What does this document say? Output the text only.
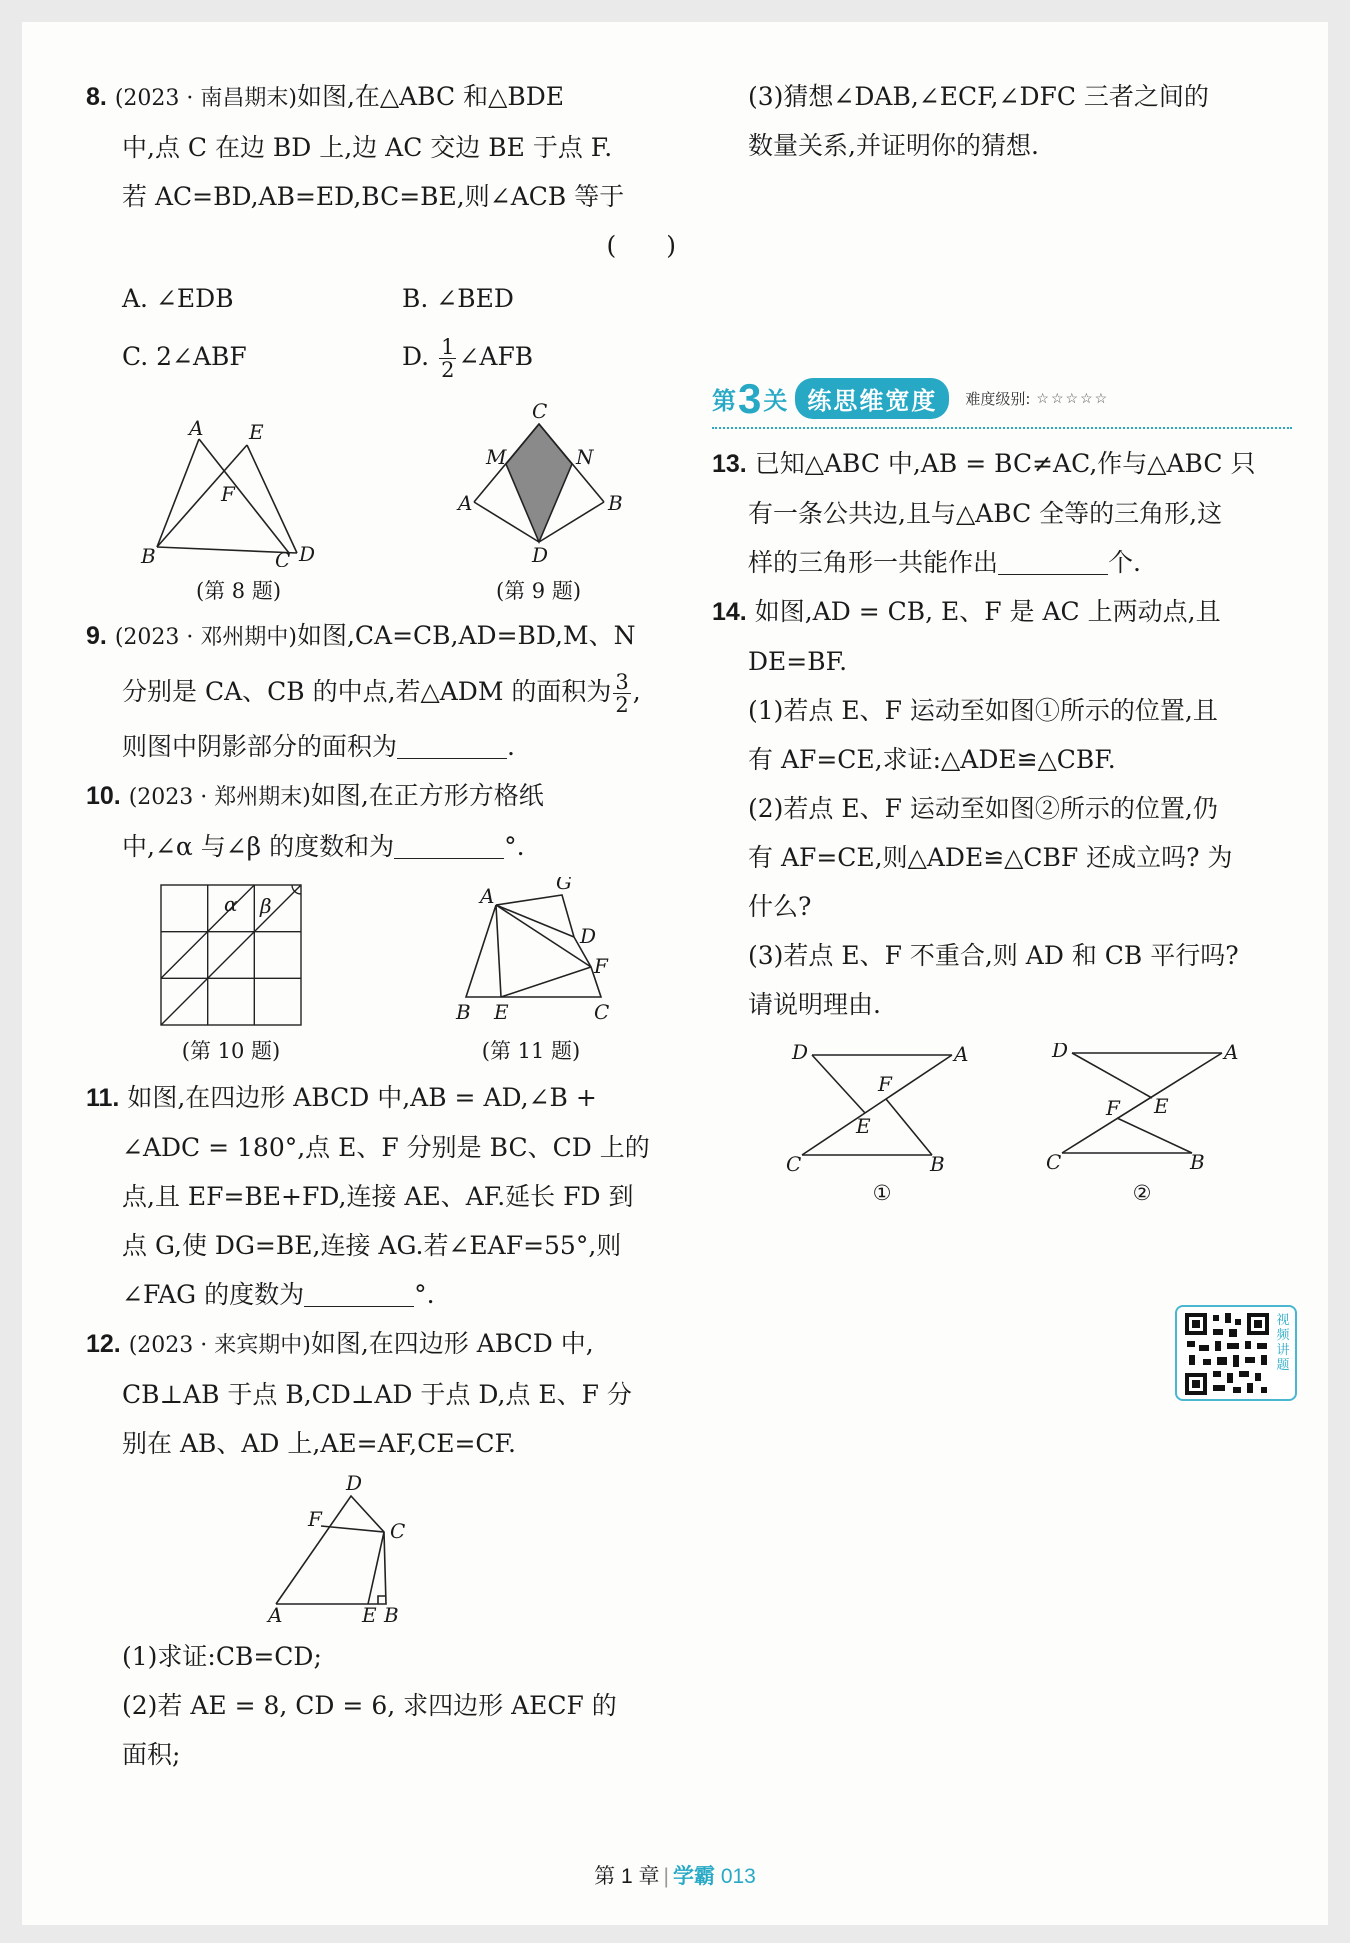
8. (2023 · 南昌期末)如图,在△ABC 和△BDE
中,点 C 在边 BD 上,边 AC 交边 BE 于点 F.
若 AC=BD,AB=ED,BC=BE,则∠ACB 等于
(　　)
A. ∠EDB	B. ∠BED
C. 2∠ABF	D. $\frac{1}{2}$ ∠AFB
A E
F
B	C D
(第 8 题)
C
M	N
A	B
D
(第 9 题)
9. (2023 · 邓州期中)如图,CA=CB,AD=BD,M、N
分别是 CA、CB 的中点,若△ADM 的面积为 $\frac{3}{2}$ ,
则图中阴影部分的面积为	.
10. (2023 · 郑州期末)如图,在正方形方格纸
中,∠α 与∠β 的度数和为	°.
α β
(第 10 题)
A
G
D
F
C
B E
(第 11 题)
11. 如图,在四边形 ABCD 中,AB = AD,∠B +
∠ADC = 180°,点 E、F 分别是 BC、CD 上的
点,且 EF=BE+FD,连接 AE、AF.延长 FD 到
点 G,使 DG=BE,连接 AG.若∠EAF=55°,则
∠FAG 的度数为	°.
12. (2023 · 来宾期中)如图,在四边形 ABCD 中,
CB⊥AB 于点 B,CD⊥AD 于点 D,点 E、F 分
别在 AB、AD 上,AE=AF,CE=CF.
D
F	C
A	E B
(1)求证:CB=CD;
(2)若 AE = 8, CD = 6, 求四边形 AECF 的
面积;
(3)猜想∠DAB,∠ECF,∠DFC 三者之间的
数量关系,并证明你的猜想.
第 3 关 练思维宽度	难度级别: ☆☆☆☆☆
13. 已知△ABC 中,AB = BC≠AC,作与△ABC 只
有一条公共边,且与△ABC 全等的三角形,这
样的三角形一共能作出	个.
14. 如图,AD = CB, E、F 是 AC 上两动点,且
DE=BF.
(1)若点 E、F 运动至如图①所示的位置,且
有 AF=CE,求证:△ADE≌△CBF.
(2)若点 E、F 运动至如图②所示的位置,仍
有 AF=CE,则△ADE≌△CBF 还成立吗? 为
什么?
(3)若点 E、F 不重合,则 AD 和 CB 平行吗?
请说明理由.
D	A
F
E
C	B
①
D	A
E
F
C	B
②
视频讲题
第 1 章 | 学霸 013
